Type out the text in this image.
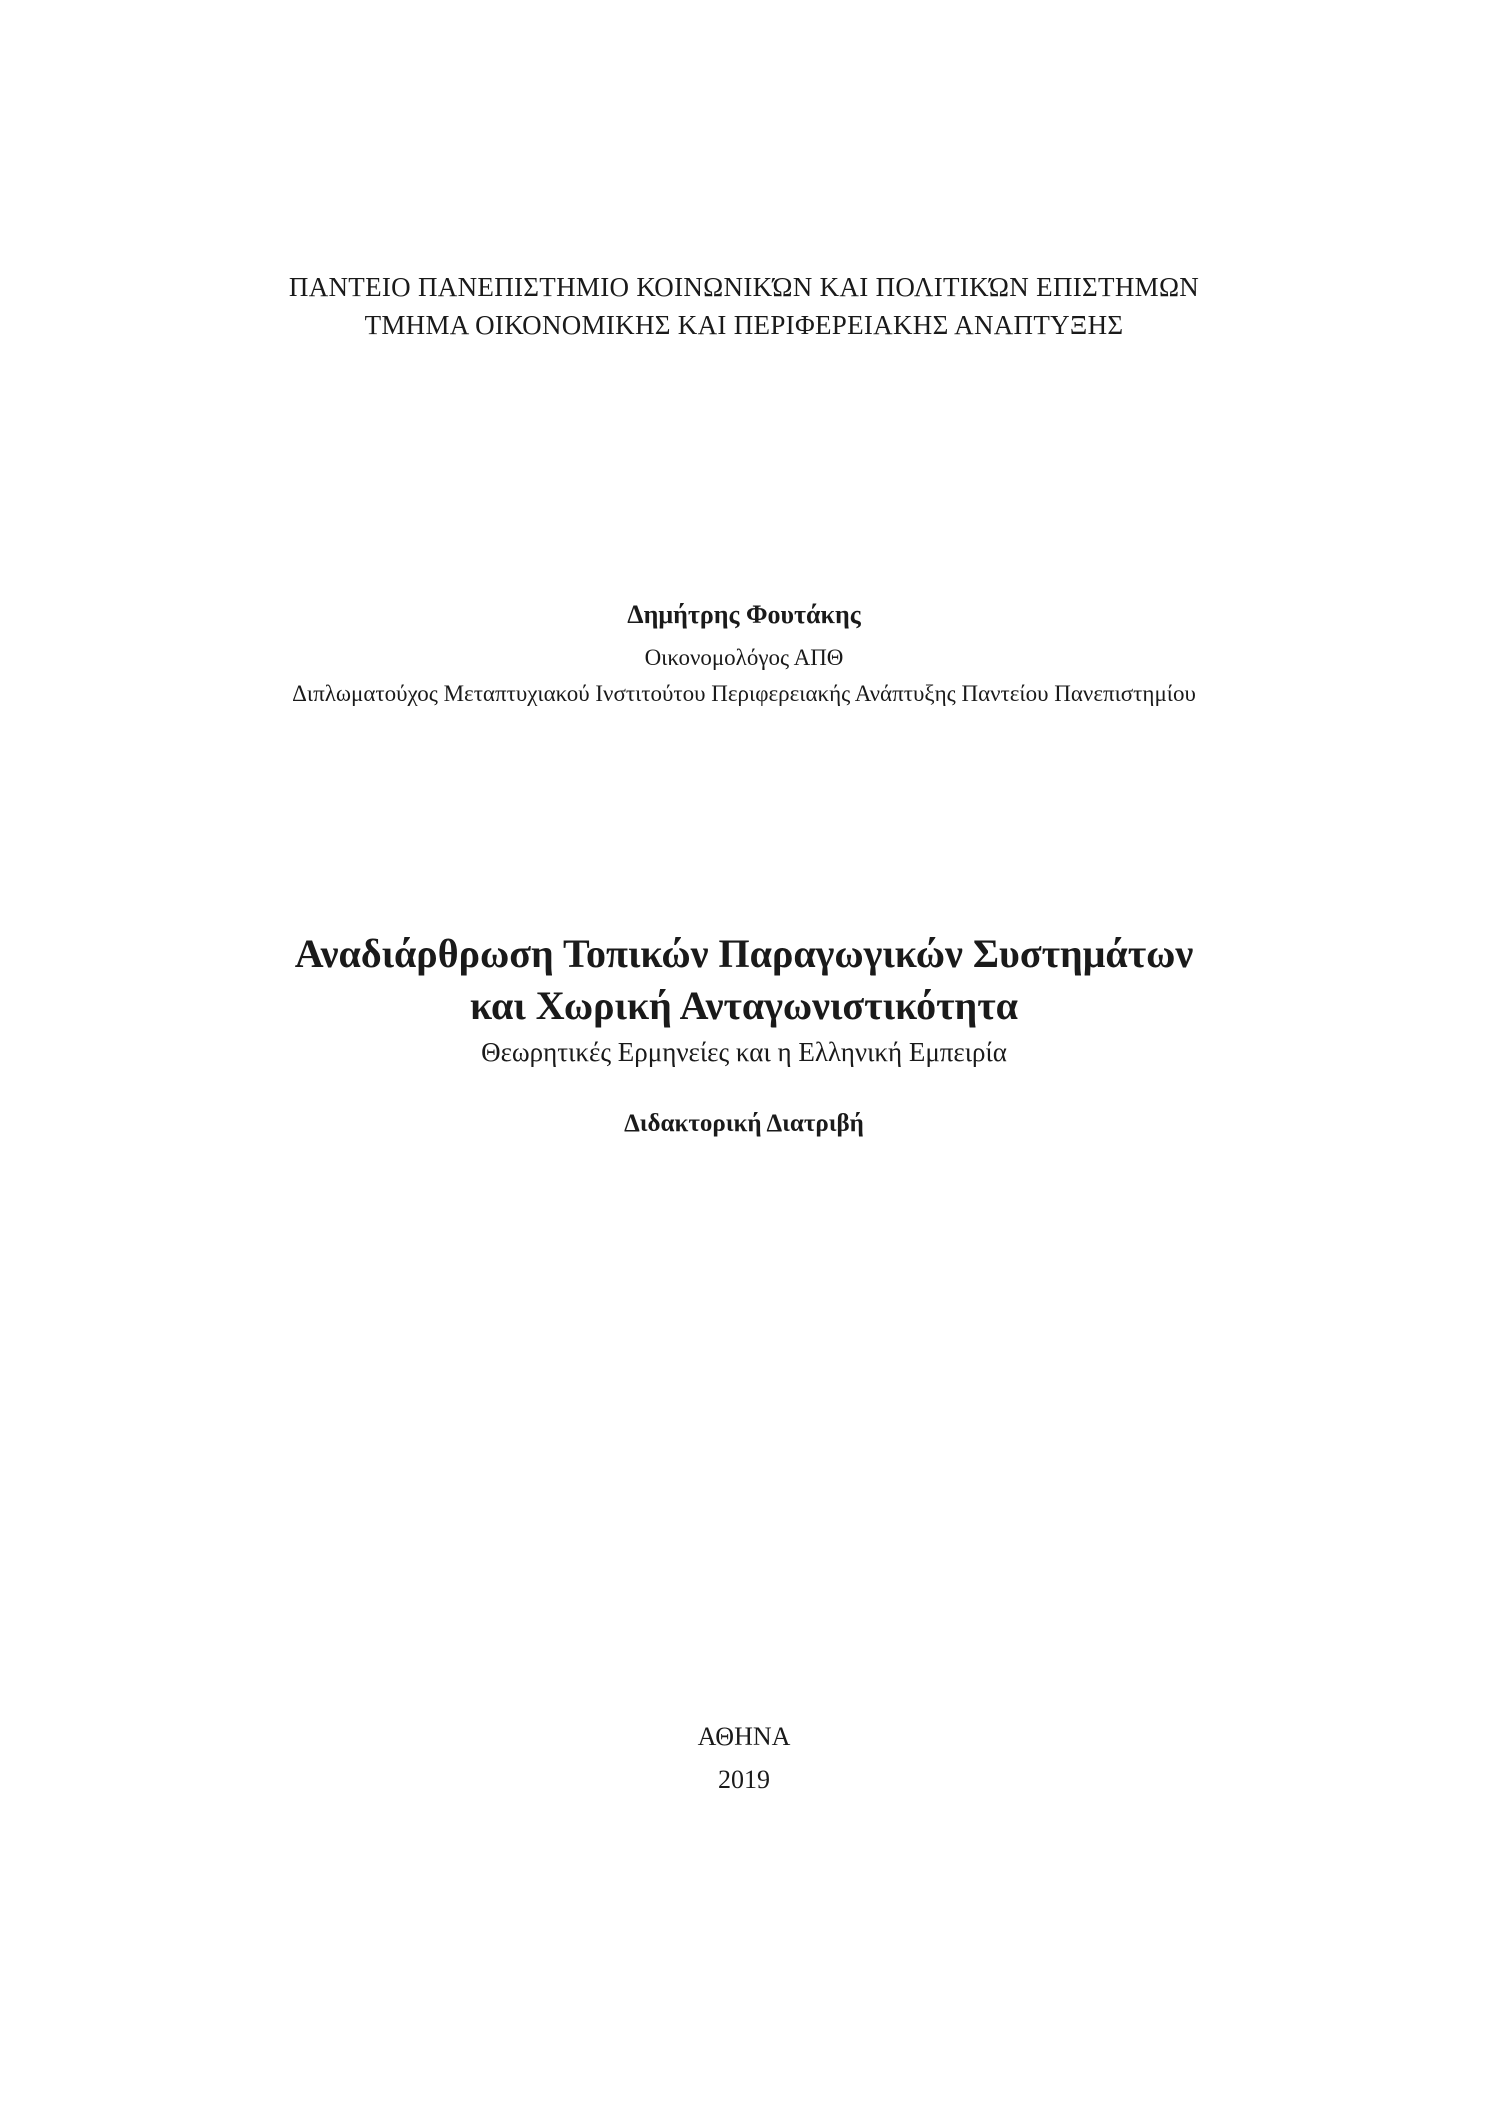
ΠΑΝΤΕΙΟ ΠΑΝΕΠΙΣΤΗΜΙΟ ΚΟΙΝΩΝΙΚΏΝ ΚΑΙ ΠΟΛΙΤΙΚΏΝ ΕΠΙΣΤΗΜΩΝ
ΤΜΗΜΑ ΟΙΚΟΝΟΜΙΚΗΣ ΚΑΙ ΠΕΡΙΦΕΡΕΙΑΚΗΣ ΑΝΑΠΤΥΞΗΣ
Δημήτρης Φουτάκης
Οικονομολόγος ΑΠΘ
Διπλωματούχος Μεταπτυχιακού Ινστιτούτου Περιφερειακής Ανάπτυξης Παντείου Πανεπιστημίου
Αναδιάρθρωση Τοπικών Παραγωγικών Συστημάτων
και Χωρική Ανταγωνιστικότητα
Θεωρητικές Ερμηνείες και η Ελληνική Εμπειρία
Διδακτορική Διατριβή
ΑΘΗΝΑ
2019
